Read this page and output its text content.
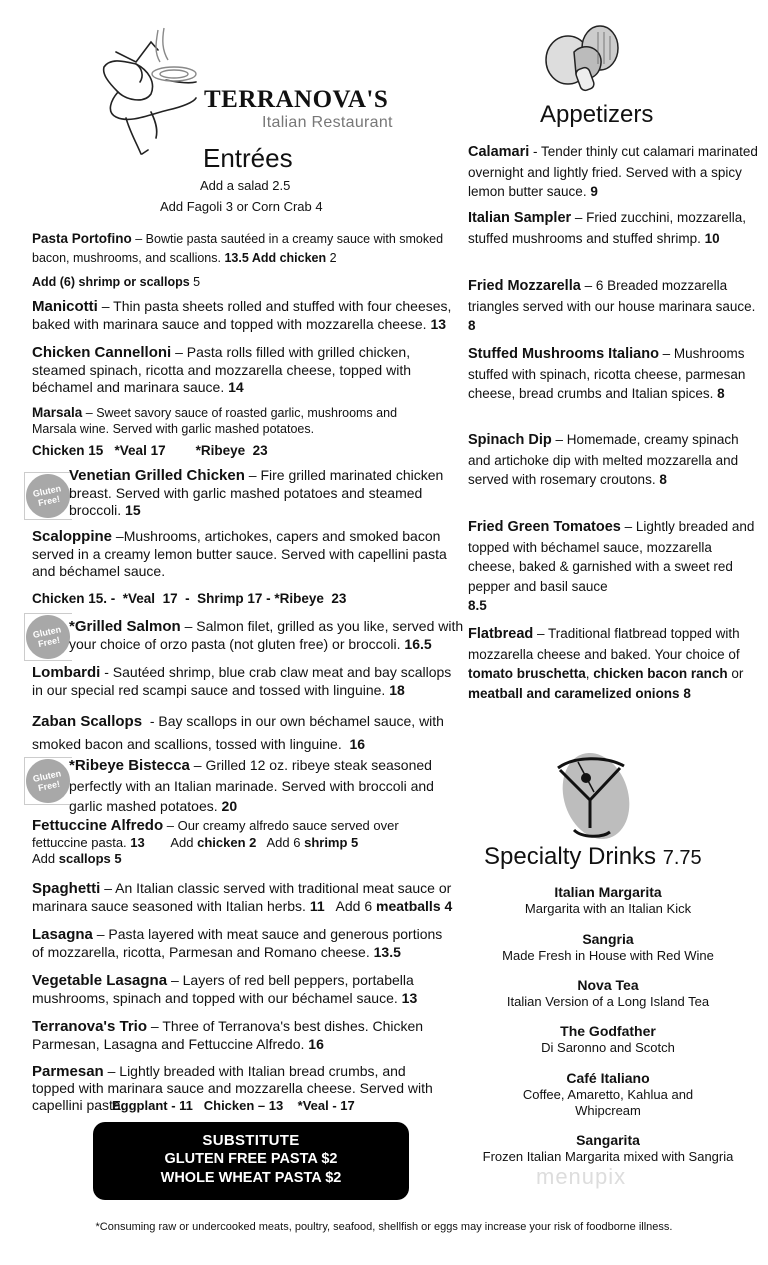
TERRANOVA'S
Italian Restaurant
Entrées
Add a salad 2.5
Add Fagoli 3 or Corn Crab 4
Pasta Portofino – Bowtie pasta sautéed in a creamy sauce with smoked bacon, mushrooms, and scallions. 13.5 Add chicken 2
Add (6) shrimp or scallops 5
Manicotti – Thin pasta sheets rolled and stuffed with four cheeses, baked with marinara sauce and topped with mozzarella cheese. 13
Chicken Cannelloni – Pasta rolls filled with grilled chicken, steamed spinach, ricotta and mozzarella cheese, topped with béchamel and marinara sauce. 14
Marsala – Sweet savory sauce of roasted garlic, mushrooms and Marsala wine. Served with garlic mashed potatoes.
Chicken 15   *Veal 17        *Ribeye  23
Gluten Free!
Venetian Grilled Chicken – Fire grilled marinated chicken breast. Served with garlic mashed potatoes and steamed broccoli. 15
Scaloppine –Mushrooms, artichokes, capers and smoked bacon served in a creamy lemon butter sauce. Served with capellini pasta and béchamel sauce.
Chicken 15. -  *Veal  17  -  Shrimp 17 - *Ribeye  23
Gluten Free!
*Grilled Salmon – Salmon filet, grilled as you like, served with your choice of orzo pasta (not gluten free) or broccoli. 16.5
Lombardi - Sautéed shrimp, blue crab claw meat and bay scallops in our special red scampi sauce and tossed with linguine. 18
Zaban Scallops  - Bay scallops in our own béchamel sauce, with smoked bacon and scallions, tossed with linguine.  16
Gluten Free!
*Ribeye Bistecca – Grilled 12 oz. ribeye steak seasoned perfectly with an Italian marinade. Served with broccoli and garlic mashed potatoes. 20
Fettuccine Alfredo – Our creamy alfredo sauce served over fettuccine pasta. 13 Add chicken 2   Add 6 shrimp 5
Add scallops 5
Spaghetti – An Italian classic served with traditional meat sauce or marinara sauce seasoned with Italian herbs. 11   Add 6 meatballs 4
Lasagna – Pasta layered with meat sauce and generous portions of mozzarella, ricotta, Parmesan and Romano cheese. 13.5
Vegetable Lasagna – Layers of red bell peppers, portabella mushrooms, spinach and topped with our béchamel sauce. 13
Terranova's Trio – Three of Terranova's best dishes. Chicken Parmesan, Lasagna and Fettuccine Alfredo. 16
Parmesan – Lightly breaded with Italian bread crumbs, and topped with marinara sauce and mozzarella cheese. Served with capellini pasta.
Eggplant - 11   Chicken – 13    *Veal - 17
SUBSTITUTE
GLUTEN FREE PASTA $2
WHOLE WHEAT PASTA $2
Appetizers
Calamari - Tender thinly cut calamari marinated overnight and lightly fried. Served with a spicy lemon butter sauce. 9
Italian Sampler – Fried zucchini, mozzarella, stuffed mushrooms and stuffed shrimp. 10
Fried Mozzarella – 6 Breaded mozzarella triangles served with our house marinara sauce. 8
Stuffed Mushrooms Italiano – Mushrooms stuffed with spinach, ricotta cheese, parmesan cheese, bread crumbs and Italian spices. 8
Spinach Dip – Homemade, creamy spinach and artichoke dip with melted mozzarella and served with rosemary croutons. 8
Fried Green Tomatoes – Lightly breaded and topped with béchamel sauce, mozzarella cheese, baked & garnished with a sweet red pepper and basil sauce
8.5
Flatbread – Traditional flatbread topped with mozzarella cheese and baked. Your choice of tomato bruschetta, chicken bacon ranch or meatball and caramelized onions 8
Specialty Drinks 7.75
Italian Margarita
Margarita with an Italian Kick
Sangria
Made Fresh in House with Red Wine
Nova Tea
Italian Version of a Long Island Tea
The Godfather
Di Saronno and Scotch
Café Italiano
Coffee, Amaretto, Kahlua and Whipcream
Sangarita
Frozen Italian Margarita mixed with Sangria
menupix
*Consuming raw or undercooked meats, poultry, seafood, shellfish or eggs may increase your risk of foodborne illness.
